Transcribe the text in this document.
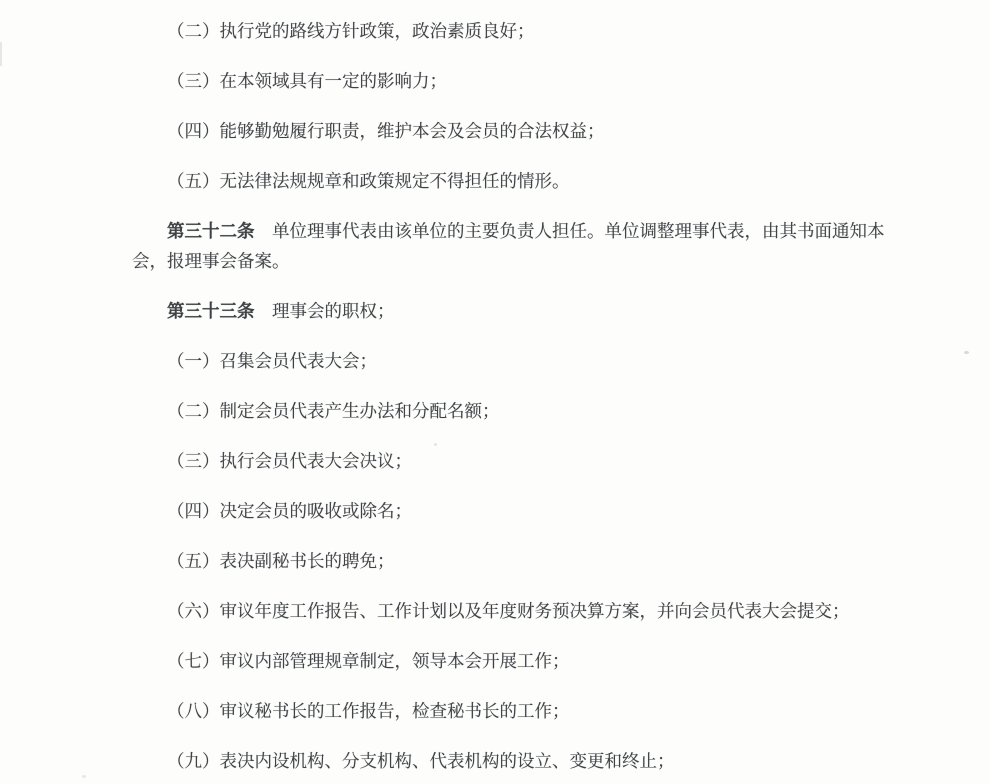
（二）执行党的路线方针政策，政治素质良好；

（三）在本领域具有一定的影响力；

（四）能够勤勉履行职责，维护本会及会员的合法权益；

（五）无法律法规规章和政策规定不得担任的情形。

第三十二条　单位理事代表由该单位的主要负责人担任。单位调整理事代表，由其书面通知本会，报理事会备案。

第三十三条　理事会的职权；

（一）召集会员代表大会；

（二）制定会员代表产生办法和分配名额；

（三）执行会员代表大会决议；

（四）决定会员的吸收或除名；

（五）表决副秘书长的聘免；

（六）审议年度工作报告、工作计划以及年度财务预决算方案，并向会员代表大会提交；

（七）审议内部管理规章制定，领导本会开展工作；

（八）审议秘书长的工作报告，检查秘书长的工作；

（九）表决内设机构、分支机构、代表机构的设立、变更和终止；
